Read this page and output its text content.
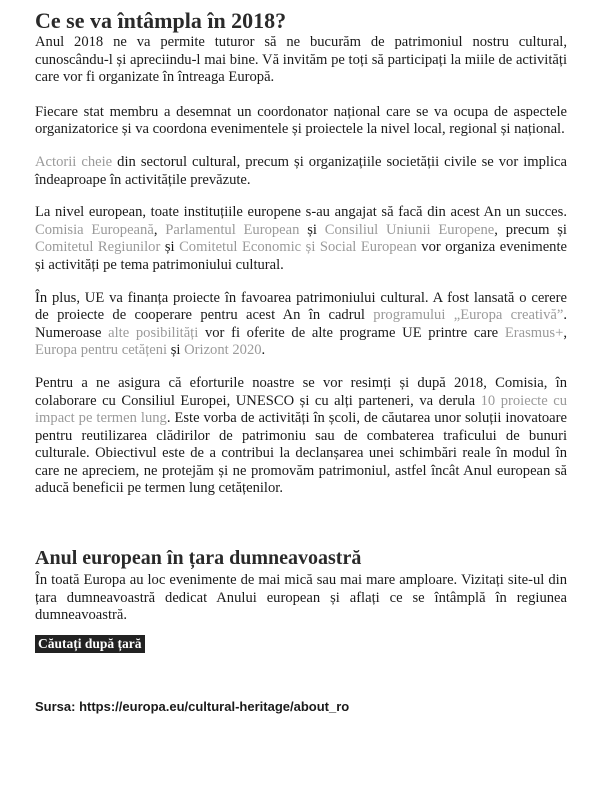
Ce se va întâmpla în 2018?

Anul 2018 ne va permite tuturor să ne bucurăm de patrimoniul nostru cultural, cunoscându-l și apreciindu-l mai bine. Vă invităm pe toți să participați la miile de activități care vor fi organizate în întreaga Europă.

Fiecare stat membru a desemnat un coordonator național care se va ocupa de aspectele organizatorice și va coordona evenimentele și proiectele la nivel local, regional și național.

Actorii cheie din sectorul cultural, precum și organizațiile societății civile se vor implica îndeaproape în activitățile prevăzute.

La nivel european, toate instituțiile europene s-au angajat să facă din acest An un succes. Comisia Europeană, Parlamentul European și Consiliul Uniunii Europene, precum și Comitetul Regiunilor și Comitetul Economic și Social European vor organiza evenimente și activități pe tema patrimoniului cultural.

În plus, UE va finanța proiecte în favoarea patrimoniului cultural. A fost lansată o cerere de proiecte de cooperare pentru acest An în cadrul programului „Europa creativă”. Numeroase alte posibilități vor fi oferite de alte programe UE printre care Erasmus+, Europa pentru cetățeni și Orizont 2020.

Pentru a ne asigura că eforturile noastre se vor resimți și după 2018, Comisia, în colaborare cu Consiliul Europei, UNESCO și cu alți parteneri, va derula 10 proiecte cu impact pe termen lung. Este vorba de activități în școli, de căutarea unor soluții inovatoare pentru reutilizarea clădirilor de patrimoniu sau de combaterea traficului de bunuri culturale. Obiectivul este de a contribui la declanșarea unei schimbări reale în modul în care ne apreciem, ne protejăm și ne promovăm patrimoniul, astfel încât Anul european să aducă beneficii pe termen lung cetățenilor.

Anul european în țara dumneavoastră

În toată Europa au loc evenimente de mai mică sau mai mare amploare. Vizitați site-ul din țara dumneavoastră dedicat Anului european și aflați ce se întâmplă în regiunea dumneavoastră.

Căutați după țară
Sursa: https://europa.eu/cultural-heritage/about_ro
